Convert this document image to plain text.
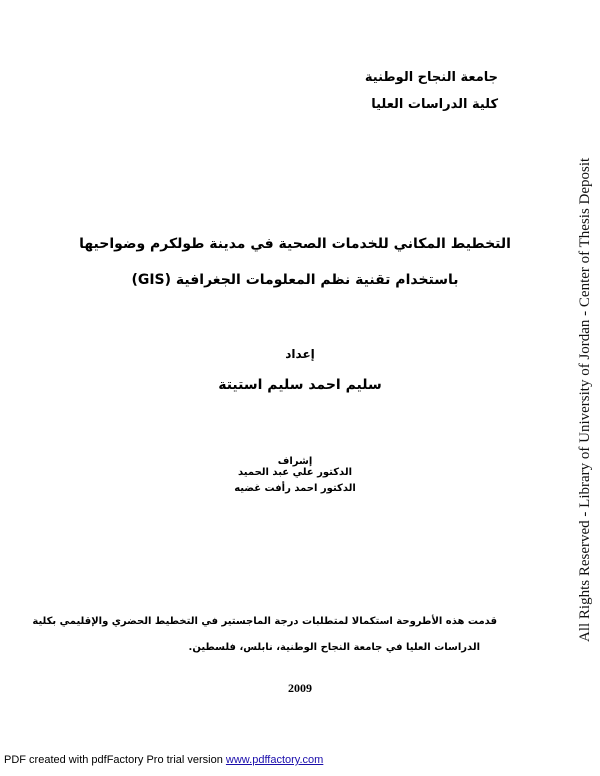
جامعة النجاح الوطنية
كلية الدراسات العليا
التخطيط المكاني للخدمات الصحية في مدينة طولكرم وضواحيها
باستخدام تقنية نظم المعلومات الجغرافية (GIS)
إعداد
سليم احمد سليم استيتة
إشراف
الدكتور علي عبد الحميد
الدكتور احمد رأفت غضيه
قدمت هذه الأطروحة استكمالا لمتطلبات درجة الماجستير في التخطيط الحضري والإقليمي بكلية
الدراسات العليا في جامعة النجاح الوطنية، نابلس، فلسطين.
2009
All Rights Reserved - Library of University of Jordan - Center of Thesis Deposit
PDF created with pdfFactory Pro trial version www.pdffactory.com
